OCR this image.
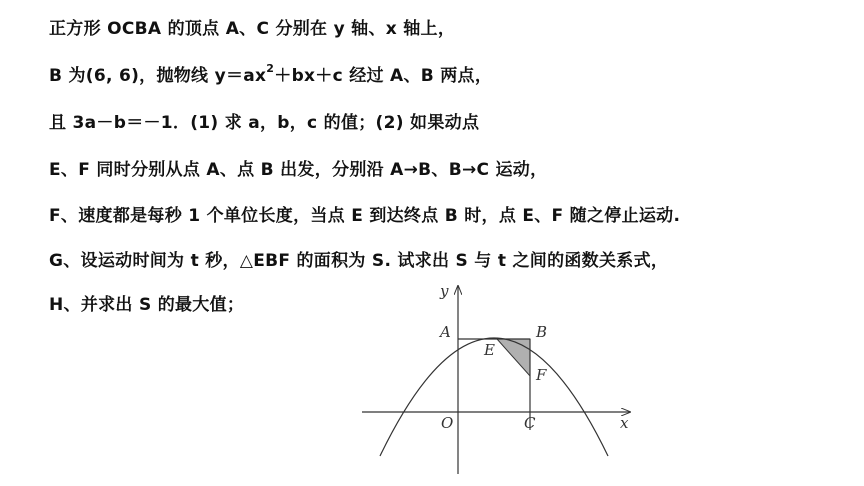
正方形 OCBA 的顶点 A、C 分别在 y 轴、x 轴上，
B 为(6, 6)，抛物线 $y=ax^2+bx+c$ 经过 A、B 两点，
且 3a－b＝－1．(1) 求 a，b，c 的值；(2) 如果动点
E、F 同时分别从点 A、点 B 出发，分别沿 A→B、B→C 运动，
F、速度都是每秒 1 个单位长度，当点 E 到达终点 B 时，点 E、F 随之停止运动.
G、设运动时间为 t 秒，△EBF 的面积为 S. 试求出 S 与 t 之间的函数关系式，
H、并求出 S 的最大值；
y
x
O
A	B
C
E
F
